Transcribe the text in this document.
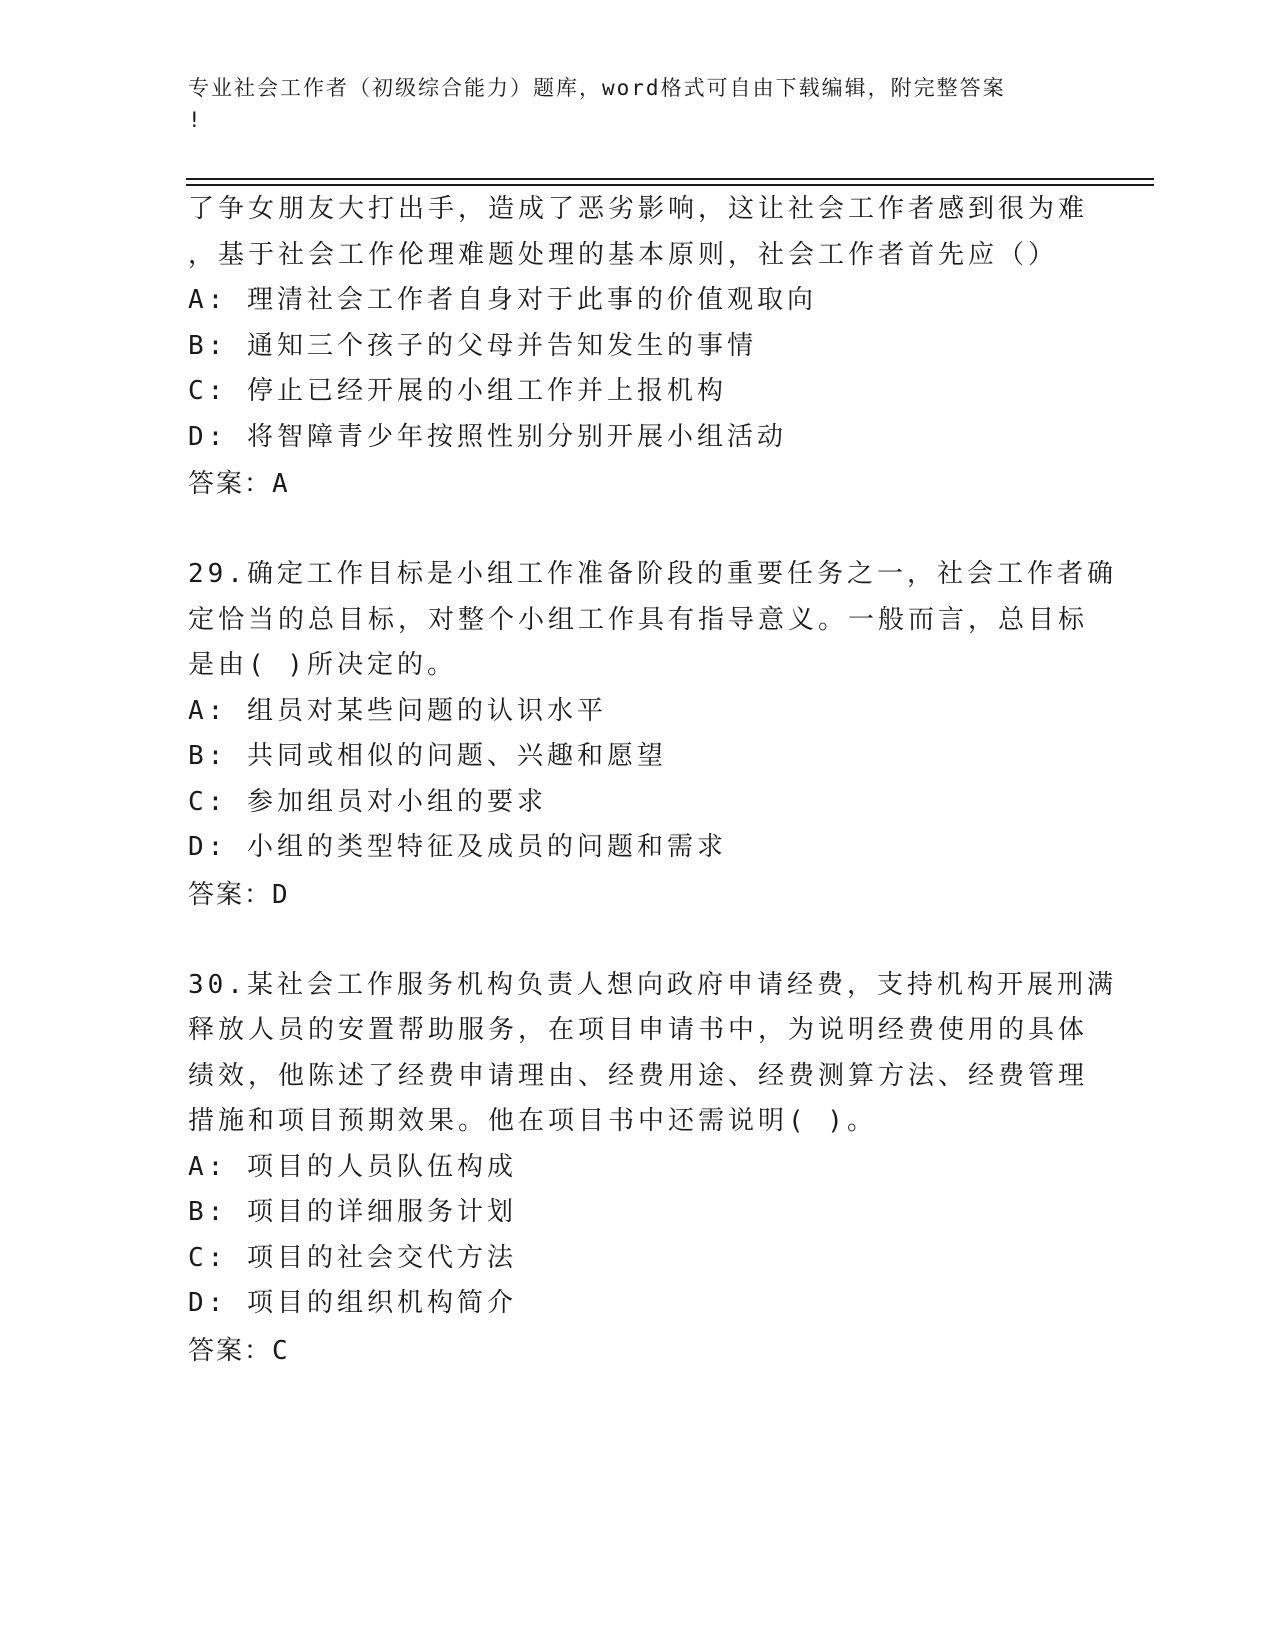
专业社会工作者（初级综合能力）题库，word格式可自由下载编辑，附完整答案
!
了争女朋友大打出手，造成了恶劣影响，这让社会工作者感到很为难
，基于社会工作伦理难题处理的基本原则，社会工作者首先应（）
A: 理清社会工作者自身对于此事的价值观取向
B: 通知三个孩子的父母并告知发生的事情
C: 停止已经开展的小组工作并上报机构
D: 将智障青少年按照性别分别开展小组活动
答案：A
29.确定工作目标是小组工作准备阶段的重要任务之一，社会工作者确
定恰当的总目标，对整个小组工作具有指导意义。一般而言，总目标
是由( )所决定的。
A: 组员对某些问题的认识水平
B: 共同或相似的问题、兴趣和愿望
C: 参加组员对小组的要求
D: 小组的类型特征及成员的问题和需求
答案：D
30.某社会工作服务机构负责人想向政府申请经费，支持机构开展刑满
释放人员的安置帮助服务，在项目申请书中，为说明经费使用的具体
绩效，他陈述了经费申请理由、经费用途、经费测算方法、经费管理
措施和项目预期效果。他在项目书中还需说明( )。
A: 项目的人员队伍构成
B: 项目的详细服务计划
C: 项目的社会交代方法
D: 项目的组织机构简介
答案：C
